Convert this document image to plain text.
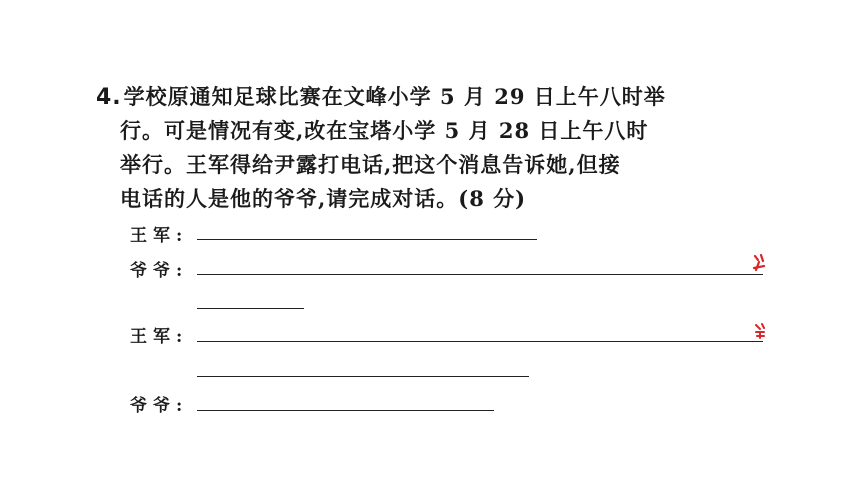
4.学校原通知足球比赛在文峰小学 5 月 29 日上午八时举
行。可是情况有变,改在宝塔小学 5 月 28 日上午八时
举行。王军得给尹露打电话,把这个消息告诉她,但接
电话的人是他的爷爷,请完成对话。(8 分)
王军:
爷爷:
王军:
爷爷:
